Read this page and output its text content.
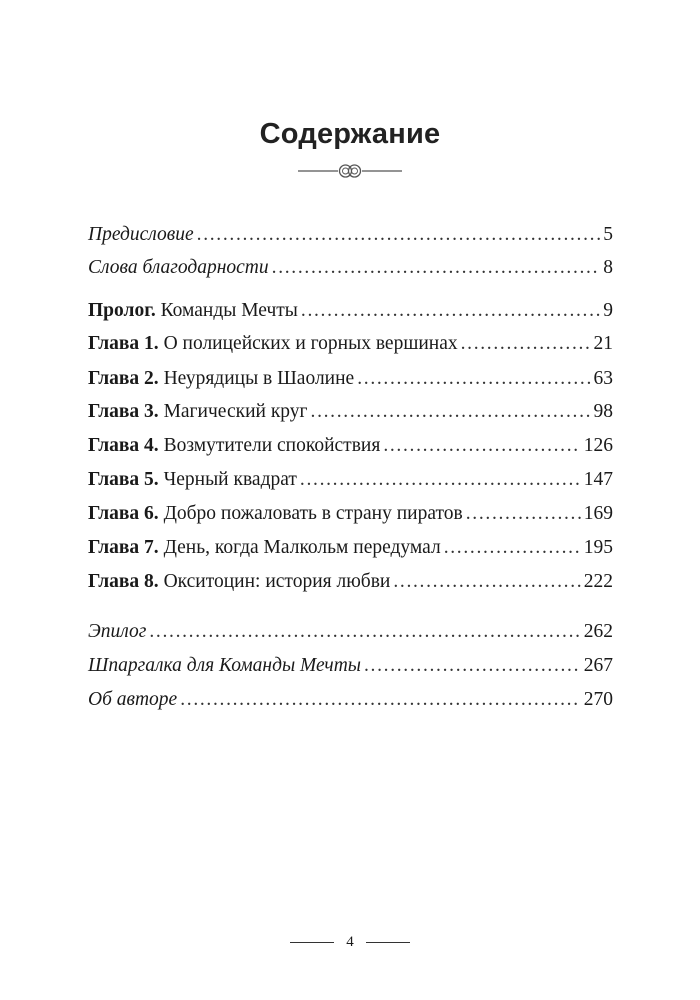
Содержание
Предисловие . . .	5
Слова благодарности . . .	8
Пролог. Команды Мечты . . .	9
Глава 1. О полицейских и горных вершинах . . .	21
Глава 2. Неурядицы в Шаолине . . .	63
Глава 3. Магический круг . . .	98
Глава 4. Возмутители спокойствия . . .	126
Глава 5. Черный квадрат . . .	147
Глава 6. Добро пожаловать в страну пиратов . . .	169
Глава 7. День, когда Малкольм передумал . . .	195
Глава 8. Окситоцин: история любви . . .	222
Эпилог . . .	262
Шпаргалка для Команды Мечты . . .	267
Об авторе . . .	270
4
